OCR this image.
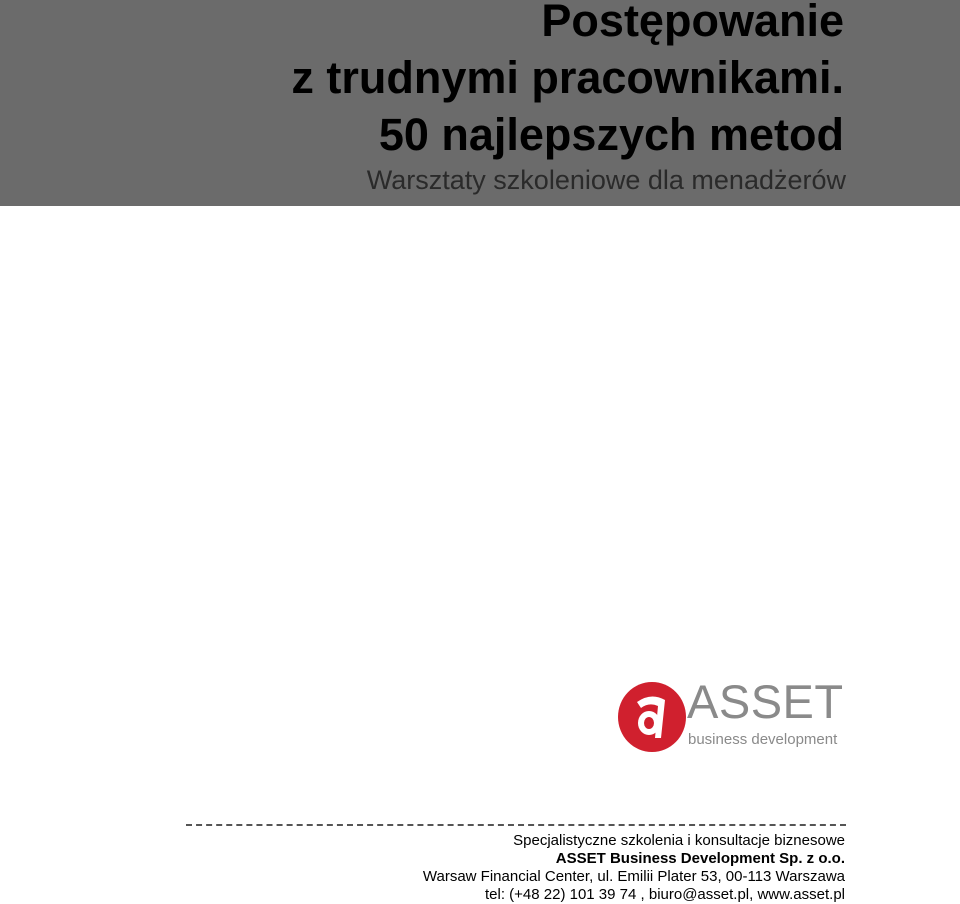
Postępowanie
z trudnymi pracownikami.
50 najlepszych metod

Warsztaty szkoleniowe dla menadżerów

ASSET
business development
Specjalistyczne szkolenia i konsultacje biznesowe
ASSET Business Development Sp. z o.o.
Warsaw Financial Center, ul. Emilii Plater 53, 00-113 Warszawa
tel: (+48 22) 101 39 74 , biuro@asset.pl, www.asset.pl
